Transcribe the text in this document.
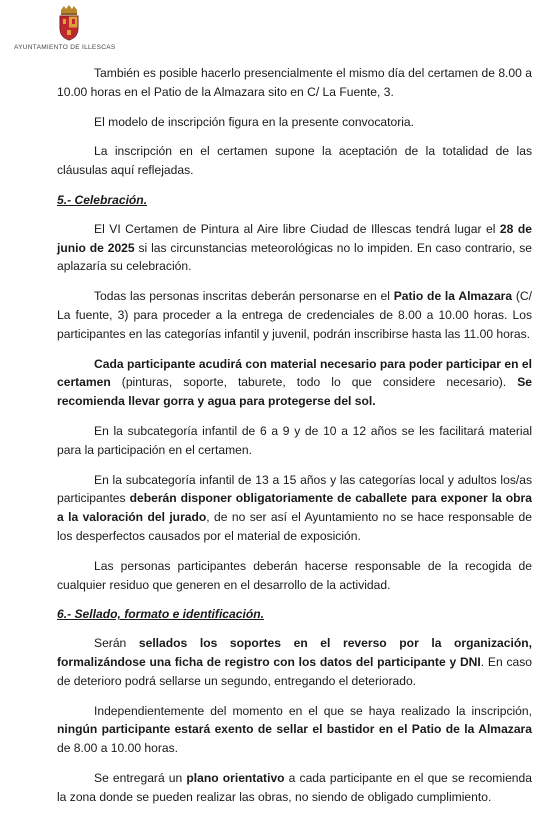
AYUNTAMIENTO DE ILLESCAS

También es posible hacerlo presencialmente el mismo día del certamen de 8.00 a 10.00 horas en el Patio de la Almazara sito en C/ La Fuente, 3.

El modelo de inscripción figura en la presente convocatoria.

La inscripción en el certamen supone la aceptación de la totalidad de las cláusulas aquí reflejadas.

5.- Celebración.

El VI Certamen de Pintura al Aire libre Ciudad de Illescas tendrá lugar el 28 de junio de 2025 si las circunstancias meteorológicas no lo impiden. En caso contrario, se aplazaría su celebración.

Todas las personas inscritas deberán personarse en el Patio de la Almazara (C/ La fuente, 3) para proceder a la entrega de credenciales de 8.00 a 10.00 horas. Los participantes en las categorías infantil y juvenil, podrán inscribirse hasta las 11.00 horas.

Cada participante acudirá con material necesario para poder participar en el certamen (pinturas, soporte, taburete, todo lo que considere necesario). Se recomienda llevar gorra y agua para protegerse del sol.

En la subcategoría infantil de 6 a 9 y de 10 a 12 años se les facilitará material para la participación en el certamen.

En la subcategoría infantil de 13 a 15 años y las categorías local y adultos los/as participantes deberán disponer obligatoriamente de caballete para exponer la obra a la valoración del jurado, de no ser así el Ayuntamiento no se hace responsable de los desperfectos causados por el material de exposición.

Las personas participantes deberán hacerse responsable de la recogida de cualquier residuo que generen en el desarrollo de la actividad.

6.- Sellado, formato e identificación.

Serán sellados los soportes en el reverso por la organización, formalizándose una ficha de registro con los datos del participante y DNI. En caso de deterioro podrá sellarse un segundo, entregando el deteriorado.

Independientemente del momento en el que se haya realizado la inscripción, ningún participante estará exento de sellar el bastidor en el Patio de la Almazara de 8.00 a 10.00 horas.

Se entregará un plano orientativo a cada participante en el que se recomienda la zona donde se pueden realizar las obras, no siendo de obligado cumplimiento.
